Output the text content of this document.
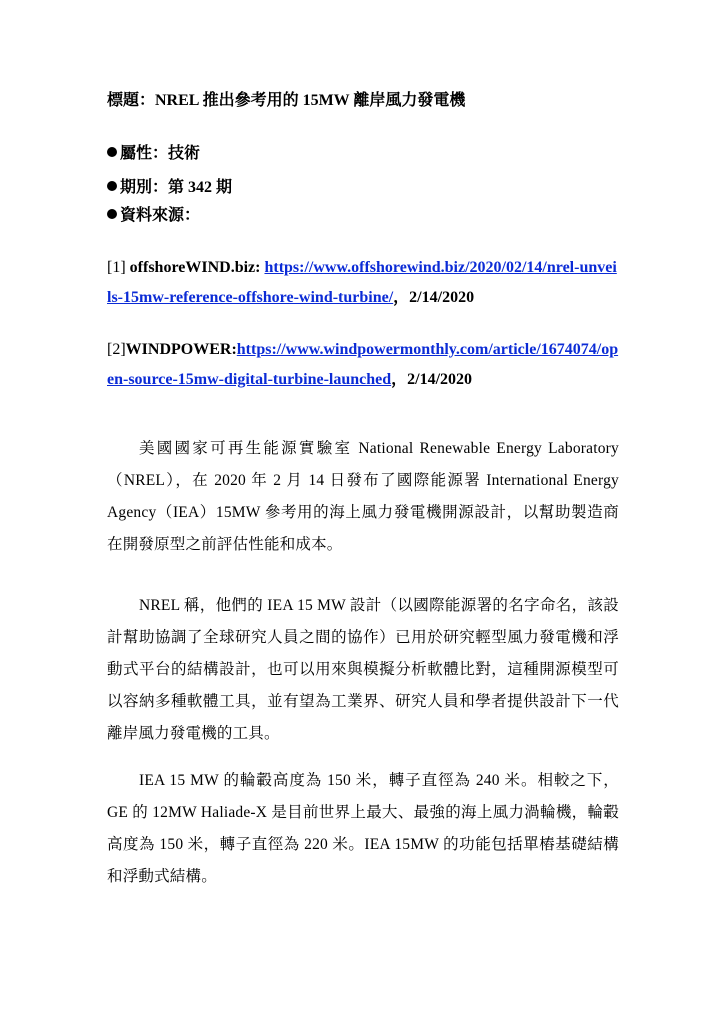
標題：NREL 推出參考用的 15MW 離岸風力發電機
屬性：技術
期別：第 342 期
資料來源：
[1] offshoreWIND.biz: https://www.offshorewind.biz/2020/02/14/nrel-unveils-15mw-reference-offshore-wind-turbine/，2/14/2020
[2]WINDPOWER:https://www.windpowermonthly.com/article/1674074/open-source-15mw-digital-turbine-launched，2/14/2020
美國國家可再生能源實驗室 National Renewable Energy Laboratory（NREL），在 2020 年 2 月 14 日發布了國際能源署 International Energy Agency（IEA）15MW 參考用的海上風力發電機開源設計，以幫助製造商在開發原型之前評估性能和成本。
NREL 稱，他們的 IEA 15 MW 設計（以國際能源署的名字命名，該設計幫助協調了全球研究人員之間的協作）已用於研究輕型風力發電機和浮動式平台的結構設計，也可以用來與模擬分析軟體比對，這種開源模型可以容納多種軟體工具，並有望為工業界、研究人員和學者提供設計下一代離岸風力發電機的工具。
IEA 15 MW 的輪轂高度為 150 米，轉子直徑為 240 米。相較之下，GE 的 12MW Haliade-X 是目前世界上最大、最強的海上風力渦輪機，輪轂高度為 150 米，轉子直徑為 220 米。IEA 15MW 的功能包括單樁基礎結構和浮動式結構。
